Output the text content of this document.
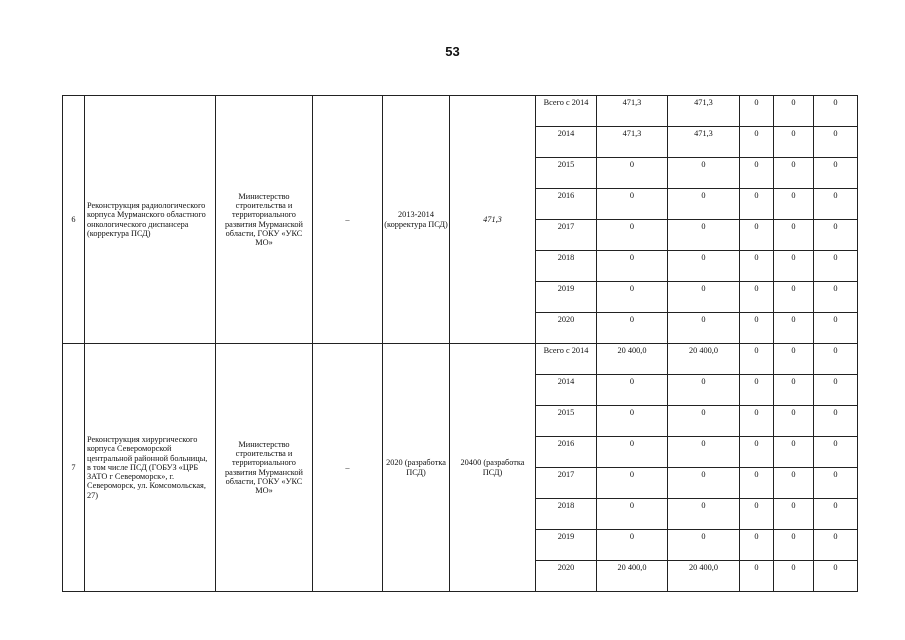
53
6	Реконструкция радиологического корпуса Мурманского областного онкологического диспансера (корректура ПСД)	Министерство строительства и территориального развития Мурманской области, ГОКУ «УКС МО»	–	2013-2014 (корректура ПСД)	471,3	Всего с 2014	471,3	471,3	0	0	0
						2014	471,3	471,3	0	0	0
						2015	0	0	0	0	0
						2016	0	0	0	0	0
						2017	0	0	0	0	0
						2018	0	0	0	0	0
						2019	0	0	0	0	0
						2020	0	0	0	0	0
7	Реконструкция хирургического корпуса Североморской центральной районной больницы, в том числе ПСД (ГОБУЗ «ЦРБ ЗАТО г Североморск», г. Североморск, ул. Комсомольская, 27)	Министерство строительства и территориального развития Мурманской области, ГОКУ «УКС МО»	–	2020 (разработка ПСД)	20400 (разработка ПСД)	Всего с 2014	20 400,0	20 400,0	0	0	0
						2014	0	0	0	0	0
						2015	0	0	0	0	0
						2016	0	0	0	0	0
						2017	0	0	0	0	0
						2018	0	0	0	0	0
						2019	0	0	0	0	0
						2020	20 400,0	20 400,0	0	0	0
